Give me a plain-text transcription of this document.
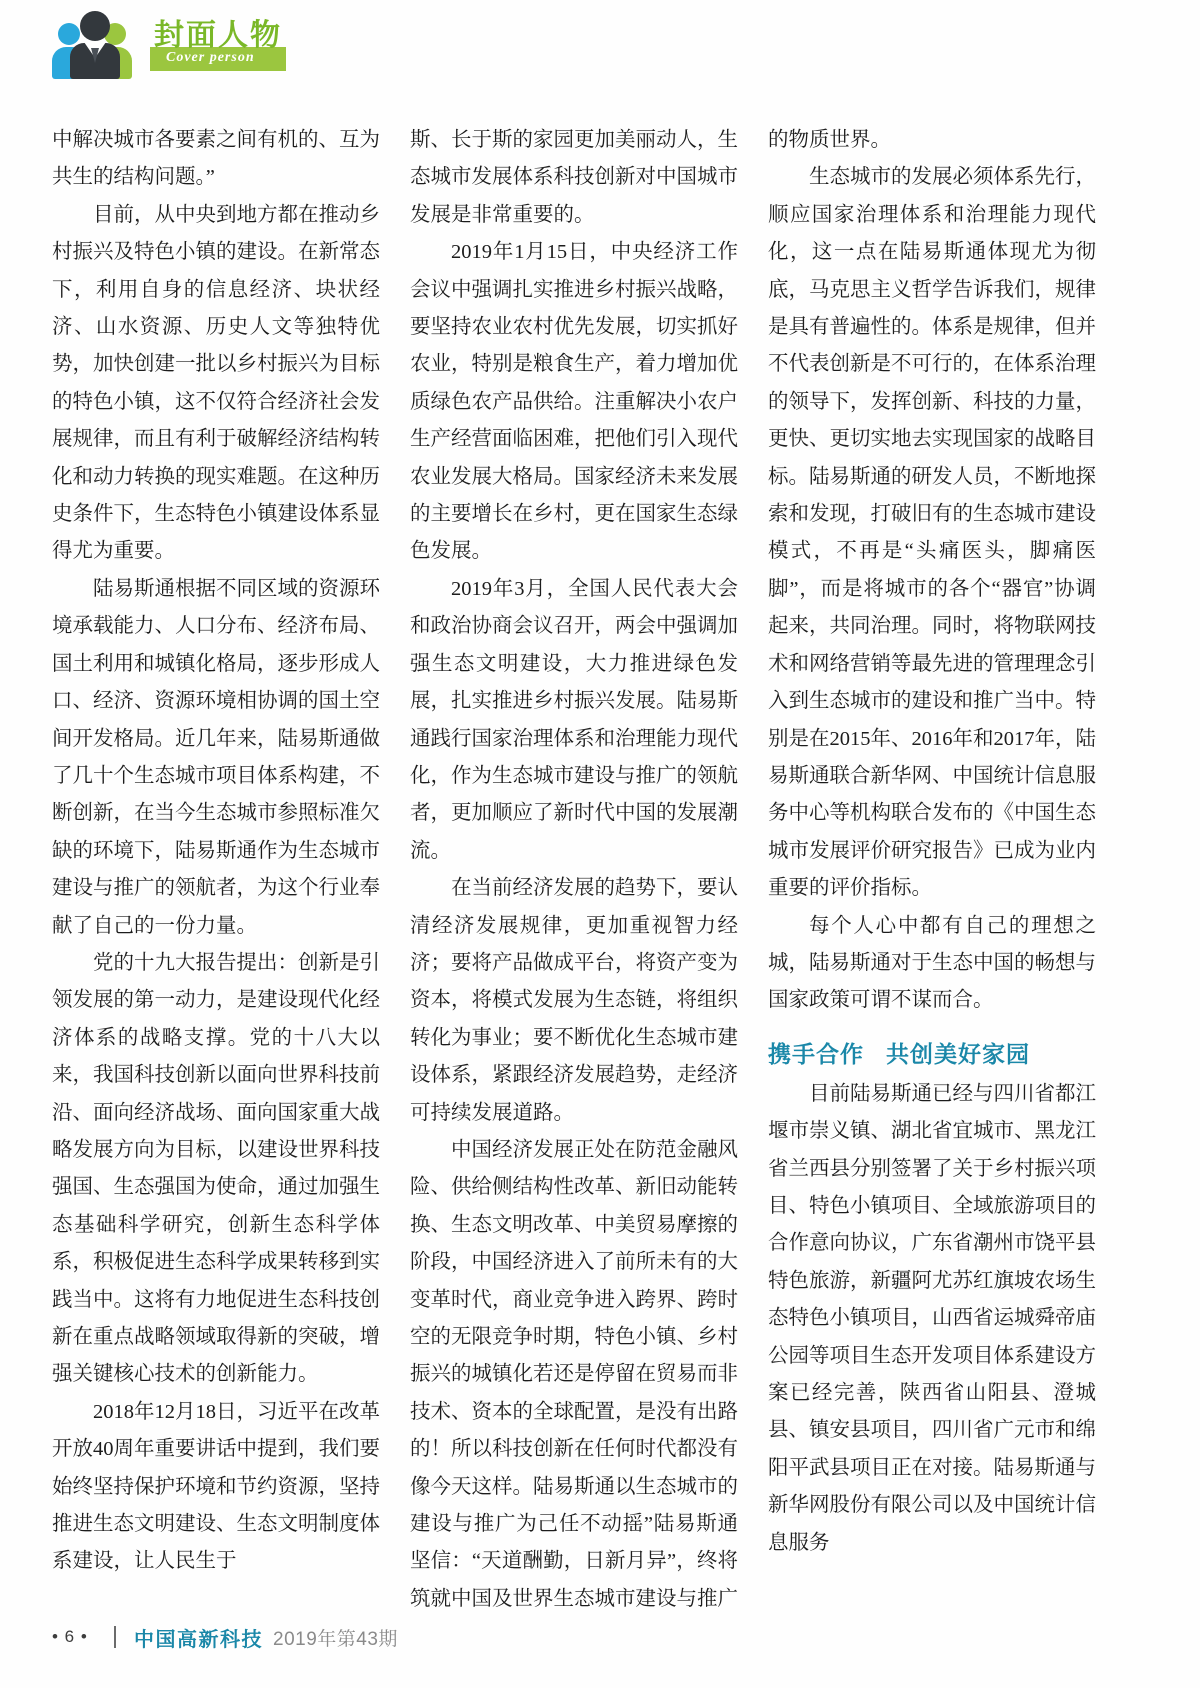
封面人物
Cover person

中解决城市各要素之间有机的、互为共生的结构问题。”

目前，从中央到地方都在推动乡村振兴及特色小镇的建设。在新常态下，利用自身的信息经济、块状经济、山水资源、历史人文等独特优势，加快创建一批以乡村振兴为目标的特色小镇，这不仅符合经济社会发展规律，而且有利于破解经济结构转化和动力转换的现实难题。在这种历史条件下，生态特色小镇建设体系显得尤为重要。

陆易斯通根据不同区域的资源环境承载能力、人口分布、经济布局、国土利用和城镇化格局，逐步形成人口、经济、资源环境相协调的国土空间开发格局。近几年来，陆易斯通做了几十个生态城市项目体系构建，不断创新，在当今生态城市参照标准欠缺的环境下，陆易斯通作为生态城市建设与推广的领航者，为这个行业奉献了自己的一份力量。

党的十九大报告提出：创新是引领发展的第一动力，是建设现代化经济体系的战略支撑。党的十八大以来，我国科技创新以面向世界科技前沿、面向经济战场、面向国家重大战略发展方向为目标，以建设世界科技强国、生态强国为使命，通过加强生态基础科学研究，创新生态科学体系，积极促进生态科学成果转移到实践当中。这将有力地促进生态科技创新在重点战略领域取得新的突破，增强关键核心技术的创新能力。

2018年12月18日，习近平在改革开放40周年重要讲话中提到，我们要始终坚持保护环境和节约资源，坚持推进生态文明建设、生态文明制度体系建设，让人民生于

斯、长于斯的家园更加美丽动人，生态城市发展体系科技创新对中国城市发展是非常重要的。

2019年1月15日，中央经济工作会议中强调扎实推进乡村振兴战略，要坚持农业农村优先发展，切实抓好农业，特别是粮食生产，着力增加优质绿色农产品供给。注重解决小农户生产经营面临困难，把他们引入现代农业发展大格局。国家经济未来发展的主要增长在乡村，更在国家生态绿色发展。

2019年3月，全国人民代表大会和政治协商会议召开，两会中强调加强生态文明建设，大力推进绿色发展，扎实推进乡村振兴发展。陆易斯通践行国家治理体系和治理能力现代化，作为生态城市建设与推广的领航者，更加顺应了新时代中国的发展潮流。

在当前经济发展的趋势下，要认清经济发展规律，更加重视智力经济；要将产品做成平台，将资产变为资本，将模式发展为生态链，将组织转化为事业；要不断优化生态城市建设体系，紧跟经济发展趋势，走经济可持续发展道路。

中国经济发展正处在防范金融风险、供给侧结构性改革、新旧动能转换、生态文明改革、中美贸易摩擦的阶段，中国经济进入了前所未有的大变革时代，商业竞争进入跨界、跨时空的无限竞争时期，特色小镇、乡村振兴的城镇化若还是停留在贸易而非技术、资本的全球配置，是没有出路的！所以科技创新在任何时代都没有像今天这样。陆易斯通以生态城市的建设与推广为己任不动摇”陆易斯通坚信：“天道酬勤，日新月异”，终将筑就中国及世界生态城市建设与推广

的物质世界。

生态城市的发展必须体系先行，顺应国家治理体系和治理能力现代化，这一点在陆易斯通体现尤为彻底，马克思主义哲学告诉我们，规律是具有普遍性的。体系是规律，但并不代表创新是不可行的，在体系治理的领导下，发挥创新、科技的力量，更快、更切实地去实现国家的战略目标。陆易斯通的研发人员，不断地探索和发现，打破旧有的生态城市建设模式，不再是“头痛医头，脚痛医脚”，而是将城市的各个“器官”协调起来，共同治理。同时，将物联网技术和网络营销等最先进的管理理念引入到生态城市的建设和推广当中。特别是在2015年、2016年和2017年，陆易斯通联合新华网、中国统计信息服务中心等机构联合发布的《中国生态城市发展评价研究报告》已成为业内重要的评价指标。

每个人心中都有自己的理想之城，陆易斯通对于生态中国的畅想与国家政策可谓不谋而合。

携手合作 共创美好家园

目前陆易斯通已经与四川省都江堰市崇义镇、湖北省宜城市、黑龙江省兰西县分别签署了关于乡村振兴项目、特色小镇项目、全域旅游项目的合作意向协议，广东省潮州市饶平县特色旅游，新疆阿尤苏红旗坡农场生态特色小镇项目，山西省运城舜帝庙公园等项目生态开发项目体系建设方案已经完善，陕西省山阳县、澄城县、镇安县项目，四川省广元市和绵阳平武县项目正在对接。陆易斯通与新华网股份有限公司以及中国统计信息服务

• 6 •	中国高新科技 2019年第43期
